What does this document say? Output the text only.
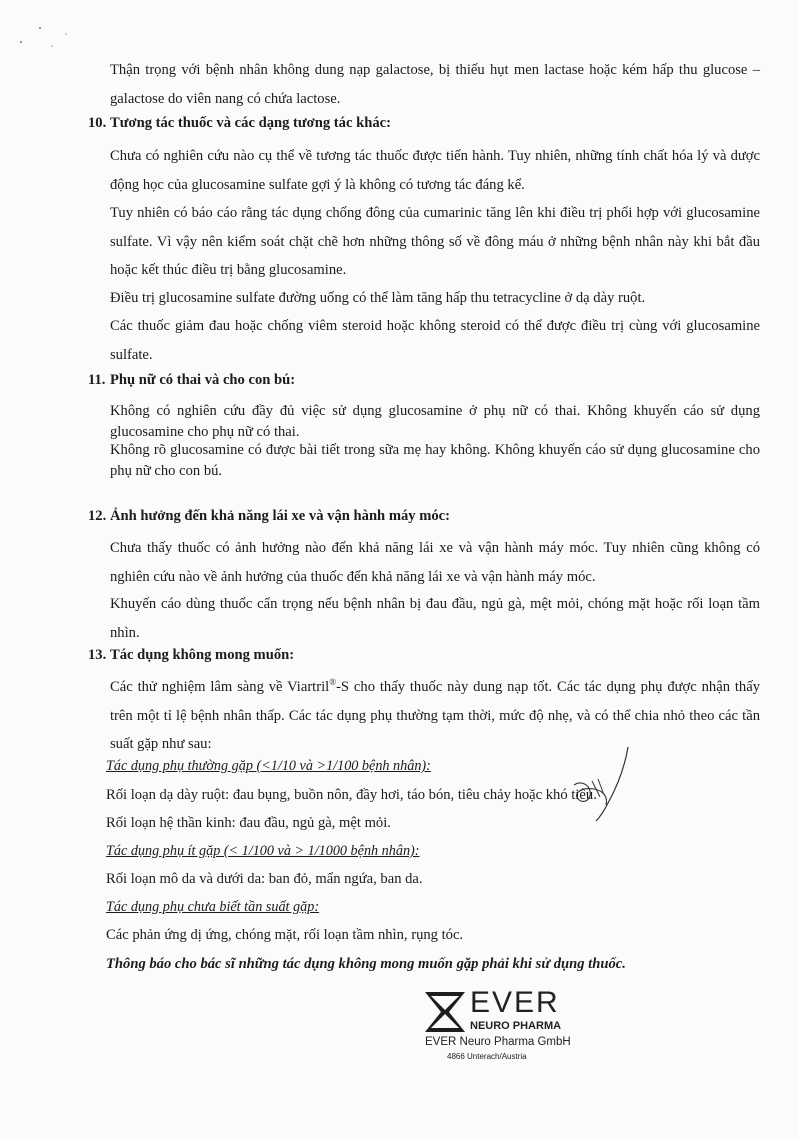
Thận trọng với bệnh nhân không dung nạp galactose, bị thiếu hụt men lactase hoặc kém hấp thu glucose – galactose do viên nang có chứa lactose.

10. Tương tác thuốc và các dạng tương tác khác:

Chưa có nghiên cứu nào cụ thể về tương tác thuốc được tiến hành. Tuy nhiên, những tính chất hóa lý và dược động học của glucosamine sulfate gợi ý là không có tương tác đáng kể.

Tuy nhiên có báo cáo rằng tác dụng chống đông của cumarinic tăng lên khi điều trị phối hợp với glucosamine sulfate. Vì vậy nên kiểm soát chặt chẽ hơn những thông số về đông máu ở những bệnh nhân này khi bắt đầu hoặc kết thúc điều trị bằng glucosamine.

Điều trị glucosamine sulfate đường uống có thể làm tăng hấp thu tetracycline ở dạ dày ruột.

Các thuốc giảm đau hoặc chống viêm steroid hoặc không steroid có thể được điều trị cùng với glucosamine sulfate.

11. Phụ nữ có thai và cho con bú:

Không có nghiên cứu đầy đủ việc sử dụng glucosamine ở phụ nữ có thai. Không khuyến cáo sử dụng glucosamine cho phụ nữ có thai.

Không rõ glucosamine có được bài tiết trong sữa mẹ hay không. Không khuyến cáo sử dụng glucosamine cho phụ nữ cho con bú.

12. Ảnh hưởng đến khả năng lái xe và vận hành máy móc:

Chưa thấy thuốc có ảnh hưởng nào đến khả năng lái xe và vận hành máy móc. Tuy nhiên cũng không có nghiên cứu nào về ảnh hưởng của thuốc đến khả năng lái xe và vận hành máy móc.

Khuyến cáo dùng thuốc cẩn trọng nếu bệnh nhân bị đau đầu, ngủ gà, mệt mỏi, chóng mặt hoặc rối loạn tầm nhìn.

13. Tác dụng không mong muốn:

Các thử nghiệm lâm sàng về Viartril®-S cho thấy thuốc này dung nạp tốt. Các tác dụng phụ được nhận thấy trên một tỉ lệ bệnh nhân thấp. Các tác dụng phụ thường tạm thời, mức độ nhẹ, và có thể chia nhỏ theo các tần suất gặp như sau:

Tác dụng phụ thường gặp (<1/10 và >1/100 bệnh nhân):

Rối loạn dạ dày ruột: đau bụng, buồn nôn, đầy hơi, táo bón, tiêu chảy hoặc khó tiêu.

Rối loạn hệ thần kinh: đau đầu, ngủ gà, mệt mỏi.

Tác dụng phụ ít gặp (< 1/100 và > 1/1000 bệnh nhân):

Rối loạn mô da và dưới da: ban đỏ, mẩn ngứa, ban da.

Tác dụng phụ chưa biết tần suất gặp:

Các phản ứng dị ứng, chóng mặt, rối loạn tầm nhìn, rụng tóc.

Thông báo cho bác sĩ những tác dụng không mong muốn gặp phải khi sử dụng thuốc.

EVER
NEURO PHARMA
EVER Neuro Pharma GmbH
4866 Unterach/Austria
